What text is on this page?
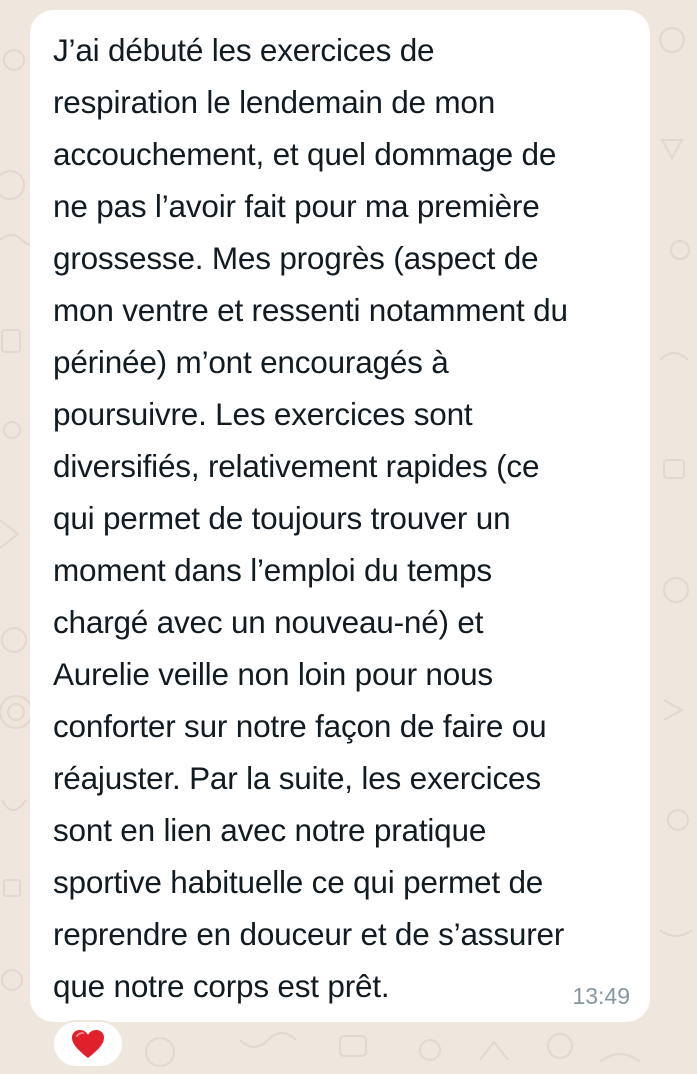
J’ai débuté les exercices de
respiration le lendemain de mon
accouchement, et quel dommage de
ne pas l’avoir fait pour ma première
grossesse. Mes progrès (aspect de
mon ventre et ressenti notamment du
périnée) m’ont encouragés à
poursuivre. Les exercices sont
diversifiés, relativement rapides (ce
qui permet de toujours trouver un
moment dans l’emploi du temps
chargé avec un nouveau-né) et
Aurelie veille non loin pour nous
conforter sur notre façon de faire ou
réajuster. Par la suite, les exercices
sont en lien avec notre pratique
sportive habituelle ce qui permet de
reprendre en douceur et de s’assurer
que notre corps est prêt.	13:49
